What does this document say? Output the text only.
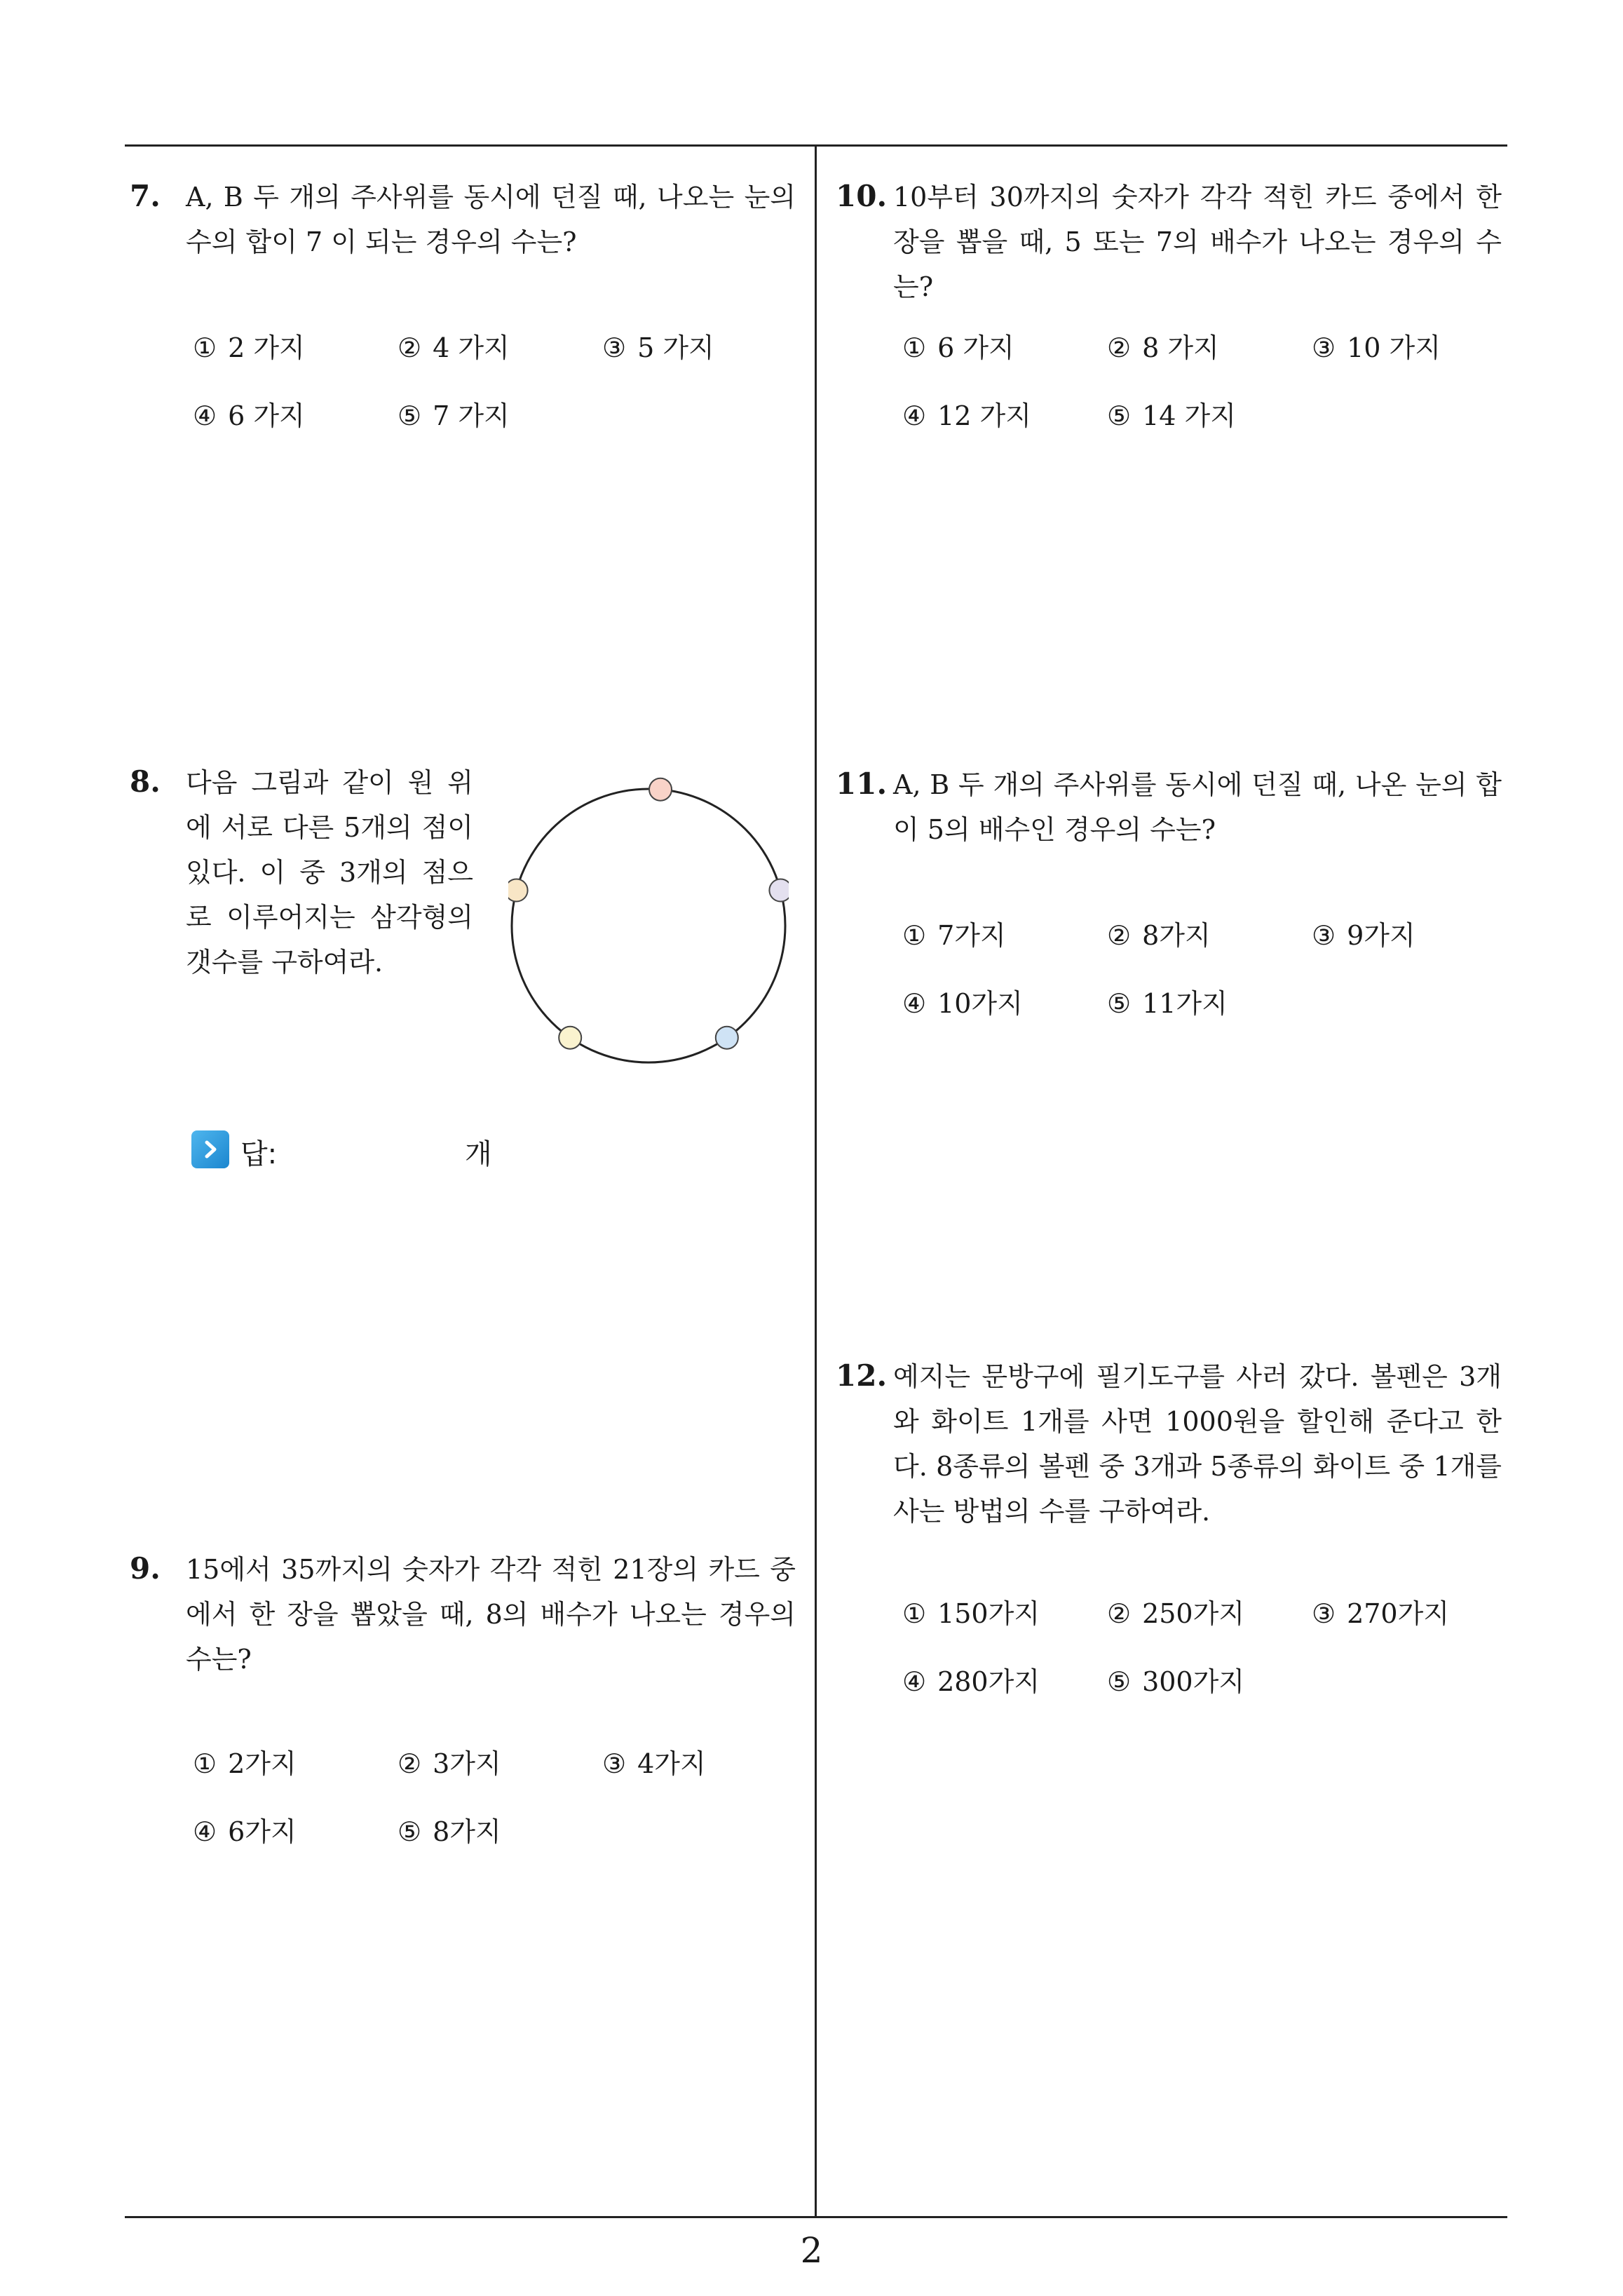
7. A, B 두 개의 주사위를 동시에 던질 때, 나오는 눈의 수의 합이 7 이 되는 경우의 수는?
① 2 가지	② 4 가지	③ 5 가지
④ 6 가지	⑤ 7 가지
8. 다음 그림과 같이 원 위에 서로 다른 5개의 점이 있다. 이 중 3개의 점으로 이루어지는 삼각형의 갯수를 구하여라.
답:	개
9. 15에서 35까지의 숫자가 각각 적힌 21장의 카드 중에서 한 장을 뽑았을 때, 8의 배수가 나오는 경우의 수는?
① 2가지	② 3가지	③ 4가지
④ 6가지	⑤ 8가지
10. 10부터 30까지의 숫자가 각각 적힌 카드 중에서 한 장을 뽑을 때, 5 또는 7의 배수가 나오는 경우의 수는?
① 6 가지	② 8 가지	③ 10 가지
④ 12 가지	⑤ 14 가지
11. A, B 두 개의 주사위를 동시에 던질 때, 나온 눈의 합이 5의 배수인 경우의 수는?
① 7가지	② 8가지	③ 9가지
④ 10가지	⑤ 11가지
12. 예지는 문방구에 필기도구를 사러 갔다. 볼펜은 3개와 화이트 1개를 사면 1000원을 할인해 준다고 한다. 8종류의 볼펜 중 3개과 5종류의 화이트 중 1개를 사는 방법의 수를 구하여라.
① 150가지	② 250가지	③ 270가지
④ 280가지	⑤ 300가지
2
